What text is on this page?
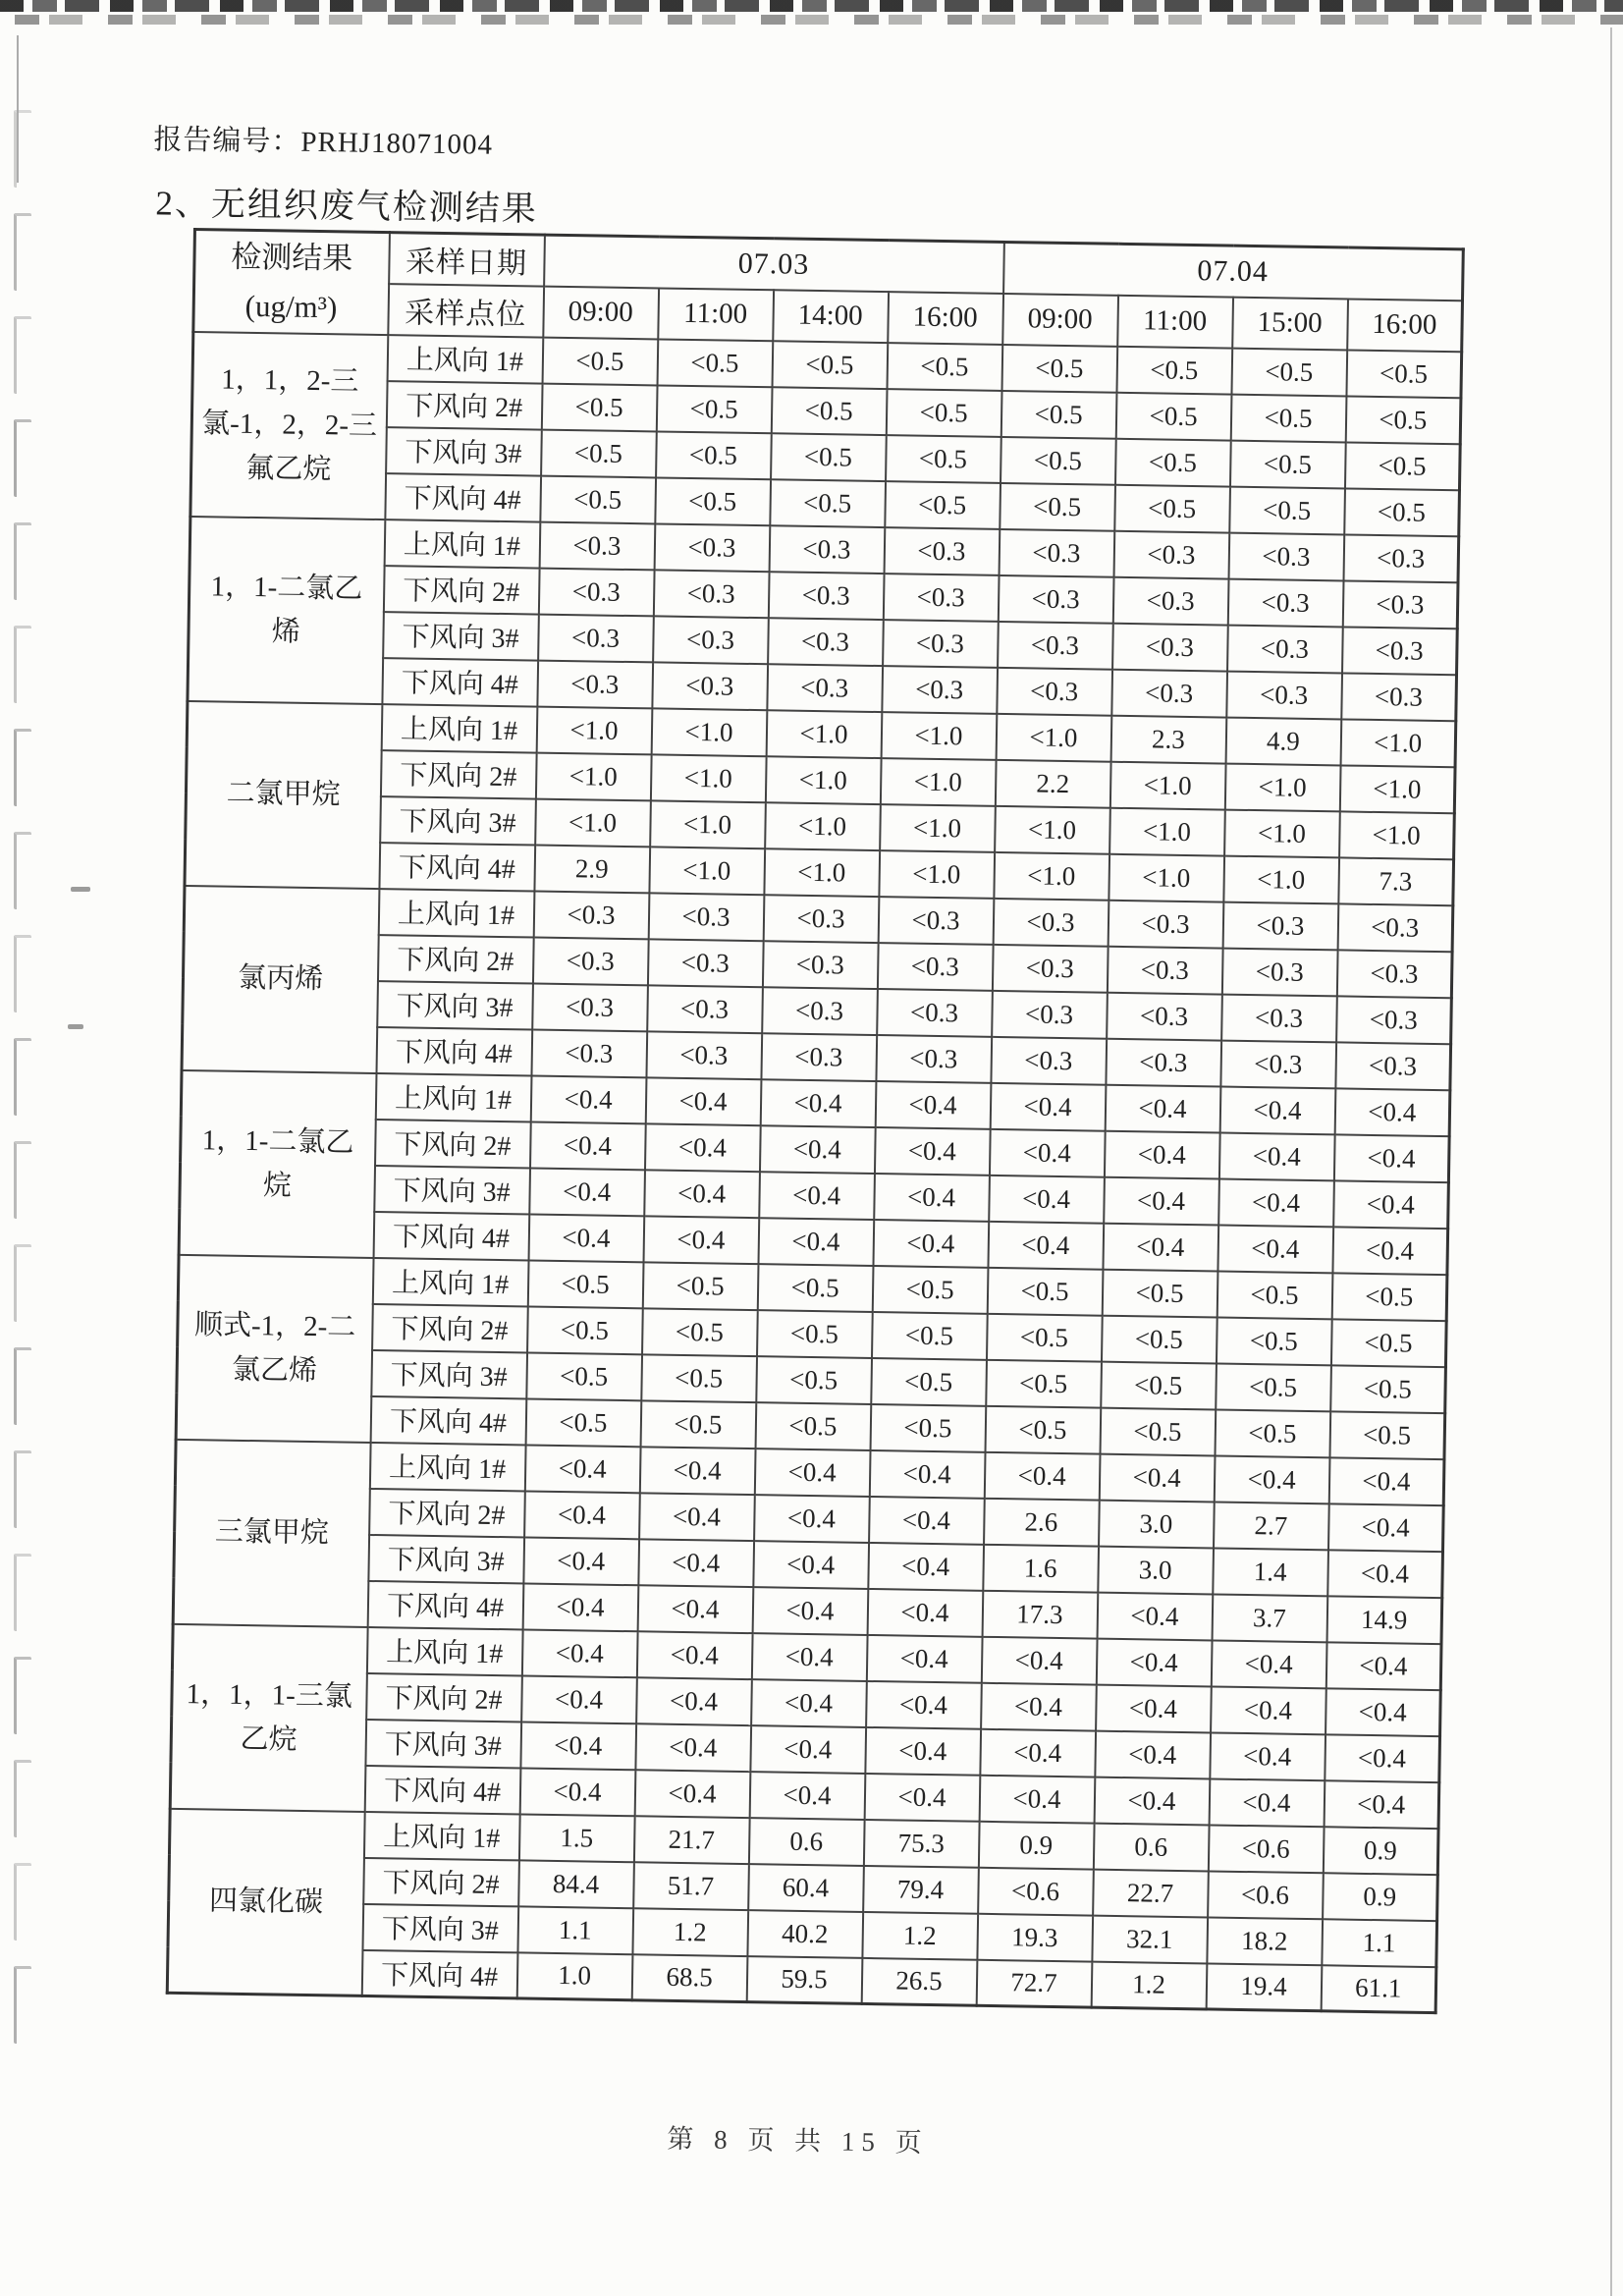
报告编号：PRHJ18071004
2、无组织废气检测结果
检测结果
(ug/m³)	采样日期	07.03				07.04			
	采样点位	09:00	11:00	14:00	16:00	09:00	11:00	15:00	16:00
1，1，2-三氯-1，2，2-三氟乙烷	上风向 1#	<0.5	<0.5	<0.5	<0.5	<0.5	<0.5	<0.5	<0.5
	下风向 2#	<0.5	<0.5	<0.5	<0.5	<0.5	<0.5	<0.5	<0.5
	下风向 3#	<0.5	<0.5	<0.5	<0.5	<0.5	<0.5	<0.5	<0.5
	下风向 4#	<0.5	<0.5	<0.5	<0.5	<0.5	<0.5	<0.5	<0.5
1，1-二氯乙烯	上风向 1#	<0.3	<0.3	<0.3	<0.3	<0.3	<0.3	<0.3	<0.3
	下风向 2#	<0.3	<0.3	<0.3	<0.3	<0.3	<0.3	<0.3	<0.3
	下风向 3#	<0.3	<0.3	<0.3	<0.3	<0.3	<0.3	<0.3	<0.3
	下风向 4#	<0.3	<0.3	<0.3	<0.3	<0.3	<0.3	<0.3	<0.3
二氯甲烷	上风向 1#	<1.0	<1.0	<1.0	<1.0	<1.0	2.3	4.9	<1.0
	下风向 2#	<1.0	<1.0	<1.0	<1.0	2.2	<1.0	<1.0	<1.0
	下风向 3#	<1.0	<1.0	<1.0	<1.0	<1.0	<1.0	<1.0	<1.0
	下风向 4#	2.9	<1.0	<1.0	<1.0	<1.0	<1.0	<1.0	7.3
氯丙烯	上风向 1#	<0.3	<0.3	<0.3	<0.3	<0.3	<0.3	<0.3	<0.3
	下风向 2#	<0.3	<0.3	<0.3	<0.3	<0.3	<0.3	<0.3	<0.3
	下风向 3#	<0.3	<0.3	<0.3	<0.3	<0.3	<0.3	<0.3	<0.3
	下风向 4#	<0.3	<0.3	<0.3	<0.3	<0.3	<0.3	<0.3	<0.3
1，1-二氯乙烷	上风向 1#	<0.4	<0.4	<0.4	<0.4	<0.4	<0.4	<0.4	<0.4
	下风向 2#	<0.4	<0.4	<0.4	<0.4	<0.4	<0.4	<0.4	<0.4
	下风向 3#	<0.4	<0.4	<0.4	<0.4	<0.4	<0.4	<0.4	<0.4
	下风向 4#	<0.4	<0.4	<0.4	<0.4	<0.4	<0.4	<0.4	<0.4
顺式-1，2-二氯乙烯	上风向 1#	<0.5	<0.5	<0.5	<0.5	<0.5	<0.5	<0.5	<0.5
	下风向 2#	<0.5	<0.5	<0.5	<0.5	<0.5	<0.5	<0.5	<0.5
	下风向 3#	<0.5	<0.5	<0.5	<0.5	<0.5	<0.5	<0.5	<0.5
	下风向 4#	<0.5	<0.5	<0.5	<0.5	<0.5	<0.5	<0.5	<0.5
三氯甲烷	上风向 1#	<0.4	<0.4	<0.4	<0.4	<0.4	<0.4	<0.4	<0.4
	下风向 2#	<0.4	<0.4	<0.4	<0.4	2.6	3.0	2.7	<0.4
	下风向 3#	<0.4	<0.4	<0.4	<0.4	1.6	3.0	1.4	<0.4
	下风向 4#	<0.4	<0.4	<0.4	<0.4	17.3	<0.4	3.7	14.9
1，1，1-三氯乙烷	上风向 1#	<0.4	<0.4	<0.4	<0.4	<0.4	<0.4	<0.4	<0.4
	下风向 2#	<0.4	<0.4	<0.4	<0.4	<0.4	<0.4	<0.4	<0.4
	下风向 3#	<0.4	<0.4	<0.4	<0.4	<0.4	<0.4	<0.4	<0.4
	下风向 4#	<0.4	<0.4	<0.4	<0.4	<0.4	<0.4	<0.4	<0.4
四氯化碳	上风向 1#	1.5	21.7	0.6	75.3	0.9	0.6	<0.6	0.9
	下风向 2#	84.4	51.7	60.4	79.4	<0.6	22.7	<0.6	0.9
	下风向 3#	1.1	1.2	40.2	1.2	19.3	32.1	18.2	1.1
	下风向 4#	1.0	68.5	59.5	26.5	72.7	1.2	19.4	61.1
第 8 页 共 15 页
